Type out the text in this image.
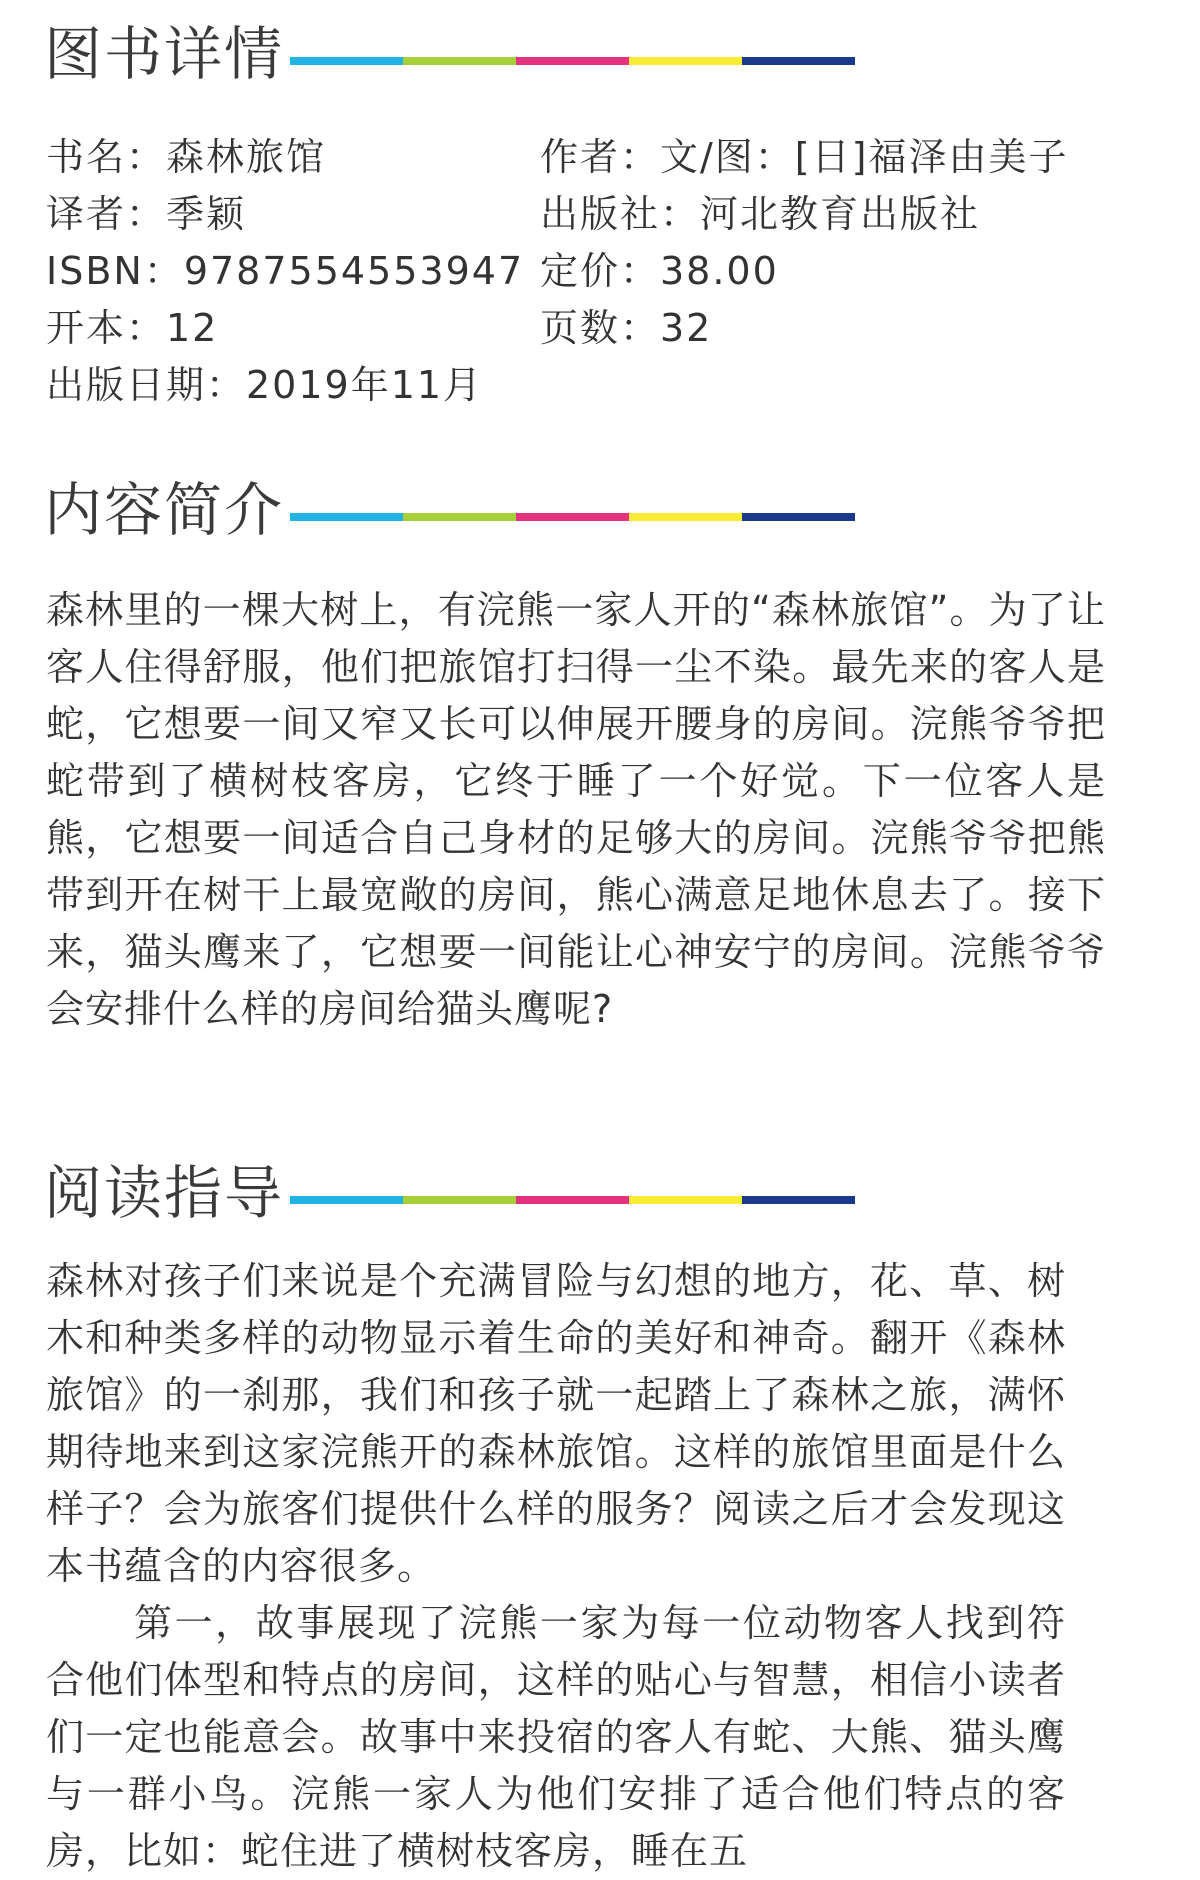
图书详情
书名：森林旅馆	作者：文/图：[日]福泽由美子
译者：季颖	出版社：河北教育出版社
ISBN：9787554553947 定价：38.00
开本：12	页数：32
出版日期：2019年11月
内容简介

森林里的一棵大树上，有浣熊一家人开的“森林旅馆”。为了让客人住得舒服，他们把旅馆打扫得一尘不染。最先来的客人是蛇，它想要一间又窄又长可以伸展开腰身的房间。浣熊爷爷把蛇带到了横树枝客房，它终于睡了一个好觉。下一位客人是熊，它想要一间适合自己身材的足够大的房间。浣熊爷爷把熊带到开在树干上最宽敞的房间，熊心满意足地休息去了。接下来，猫头鹰来了，它想要一间能让心神安宁的房间。浣熊爷爷会安排什么样的房间给猫头鹰呢?

阅读指导

森林对孩子们来说是个充满冒险与幻想的地方，花、草、树木和种类多样的动物显示着生命的美好和神奇。翻开《森林旅馆》的一刹那，我们和孩子就一起踏上了森林之旅，满怀期待地来到这家浣熊开的森林旅馆。这样的旅馆里面是什么样子？会为旅客们提供什么样的服务？阅读之后才会发现这本书蕴含的内容很多。

第一，故事展现了浣熊一家为每一位动物客人找到符合他们体型和特点的房间，这样的贴心与智慧，相信小读者们一定也能意会。故事中来投宿的客人有蛇、大熊、猫头鹰与一群小鸟。浣熊一家人为他们安排了适合他们特点的客房，比如：蛇住进了横树枝客房，睡在五
